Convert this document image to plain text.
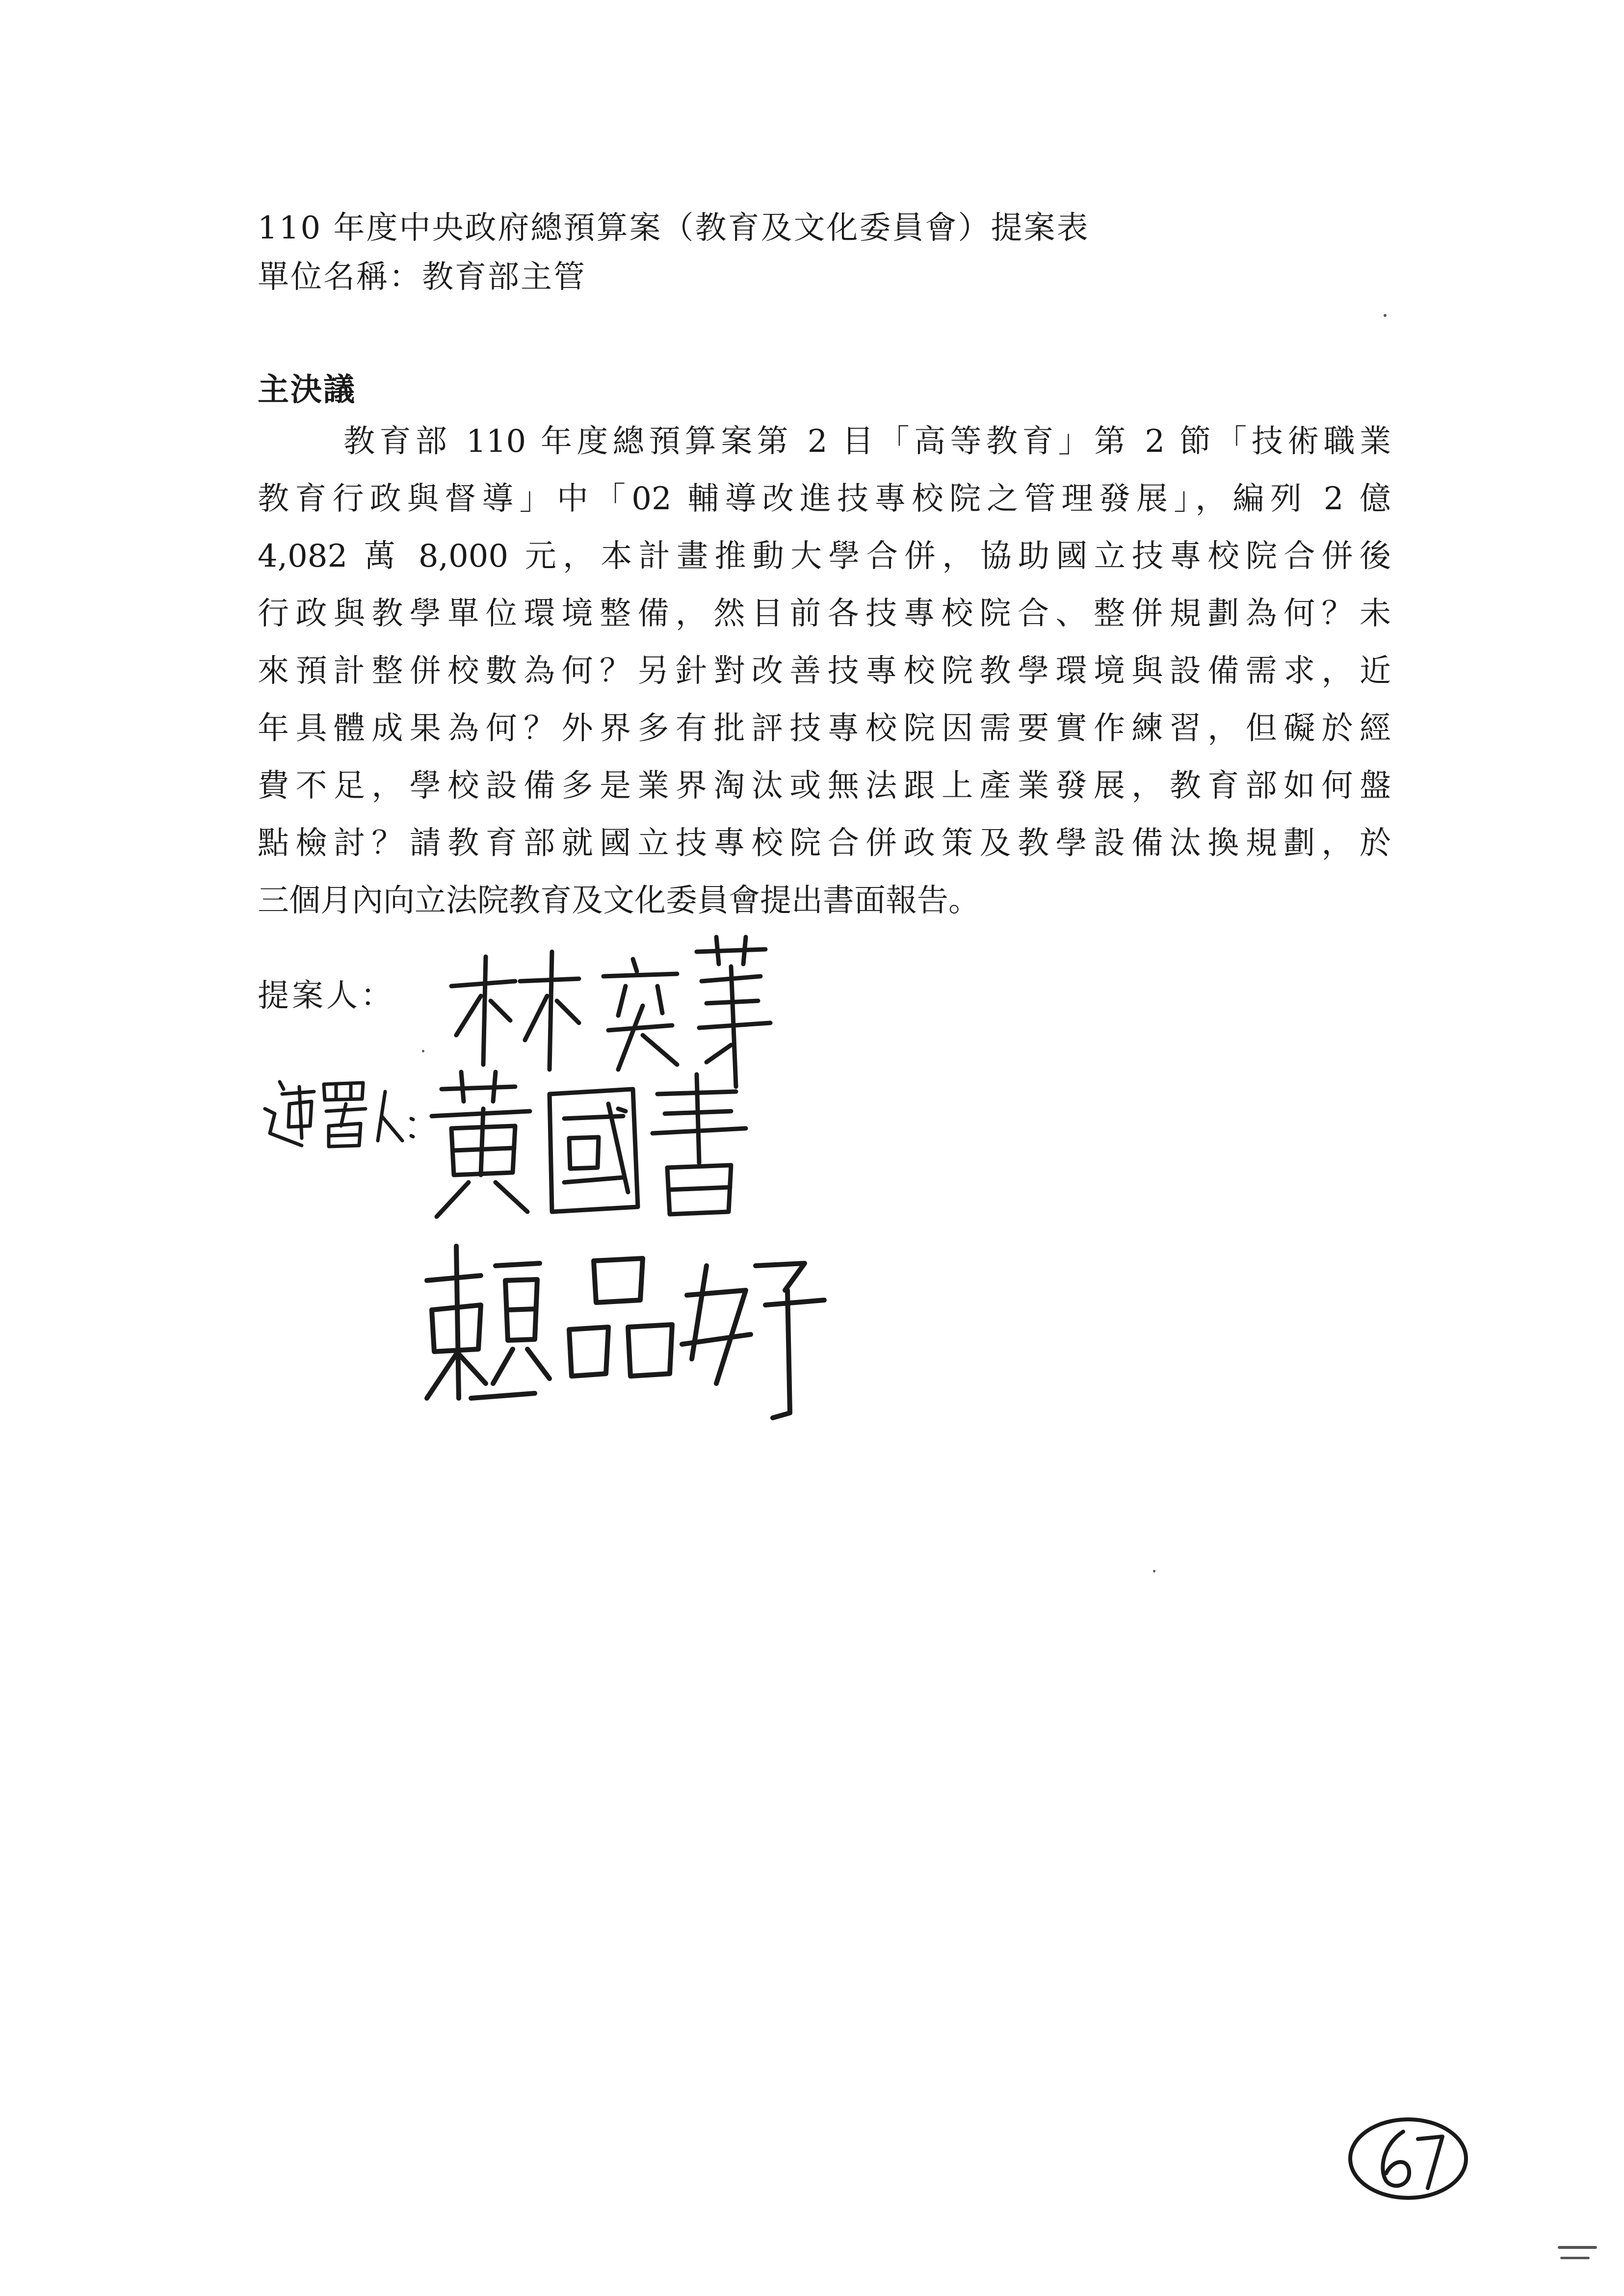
110 年度中央政府總預算案（教育及文化委員會）提案表
單位名稱：教育部主管
主決議
教育部 110 年度總預算案第 2 目「高等教育」第 2 節「技術職業
教育行政與督導」中「02 輔導改進技專校院之管理發展」，編列 2 億
4,082 萬 8,000 元，本計畫推動大學合併，協助國立技專校院合併後
行政與教學單位環境整備，然目前各技專校院合、整併規劃為何？未
來預計整併校數為何？另針對改善技專校院教學環境與設備需求，近
年具體成果為何？外界多有批評技專校院因需要實作練習，但礙於經
費不足，學校設備多是業界淘汰或無法跟上產業發展，教育部如何盤
點檢討？請教育部就國立技專校院合併政策及教學設備汰換規劃，於
三個月內向立法院教育及文化委員會提出書面報告。
提案人：
